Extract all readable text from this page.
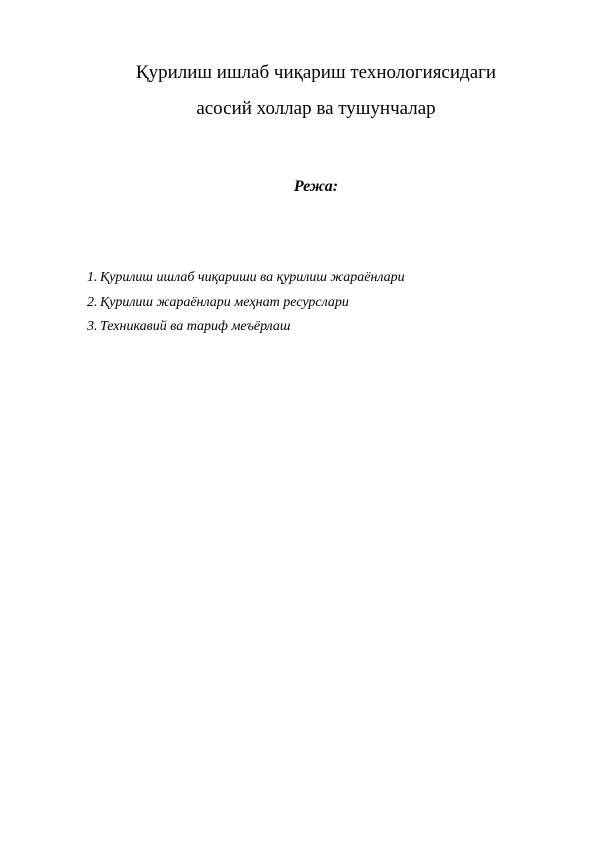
Қурилиш ишлаб чиқариш технологиясидаги
асосий холлар ва тушунчалар
Режа:
1. Қурилиш ишлаб чиқариши ва қурилиш жараёнлари
2. Қурилиш жараёнлари меҳнат ресурслари
3. Техникавий ва тариф меъёрлаш
